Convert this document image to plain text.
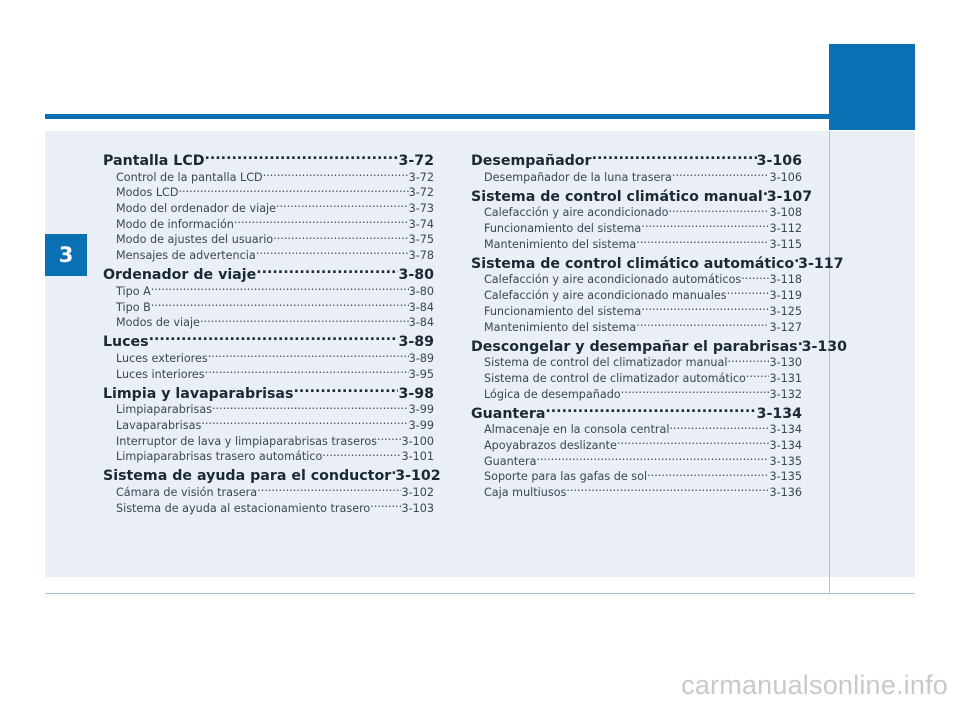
3
Pantalla LCD .....	3-72
Control de la pantalla LCD .....	3-72
Modos LCD .....	3-72
Modo del ordenador de viaje .....	3-73
Modo de información .....	3-74
Modo de ajustes del usuario .....	3-75
Mensajes de advertencia .....	3-78
Ordenador de viaje .....	3-80
Tipo A .....	3-80
Tipo B .....	3-84
Modos de viaje .....	3-84
Luces .....	3-89
Luces exteriores .....	3-89
Luces interiores .....	3-95
Limpia y lavaparabrisas .....	3-98
Limpiaparabrisas .....	3-99
Lavaparabrisas .....	3-99
Interruptor de lava y limpiaparabrisas traseros ..... 3-100
Limpiaparabrisas trasero automático .....	3-101
Sistema de ayuda para el conductor ..... 3-102
Cámara de visión trasera .....	3-102
Sistema de ayuda al estacionamiento trasero .....	3-103
Desempañador .....	3-106
Desempañador de la luna trasera .....	3-106
Sistema de control climático manual ..... 3-107
Calefacción y aire acondicionado .....	3-108
Funcionamiento del sistema .....	3-112
Mantenimiento del sistema .....	3-115
Sistema de control climático automático ..... 3-117
Calefacción y aire acondicionado automáticos .....	3-118
Calefacción y aire acondicionado manuales .....	3-119
Funcionamiento del sistema .....	3-125
Mantenimiento del sistema .....	3-127
Descongelar y desempañar el parabrisas ..... 3-130
Sistema de control del climatizador manual .....	3-130
Sistema de control de climatizador automático ..... 3-131
Lógica de desempañado .....	3-132
Guantera .....	3-134
Almacenaje en la consola central .....	3-134
Apoyabrazos deslizante .....	3-134
Guantera .....	3-135
Soporte para las gafas de sol .....	3-135
Caja multiusos .....	3-136
carmanualsonline.info
